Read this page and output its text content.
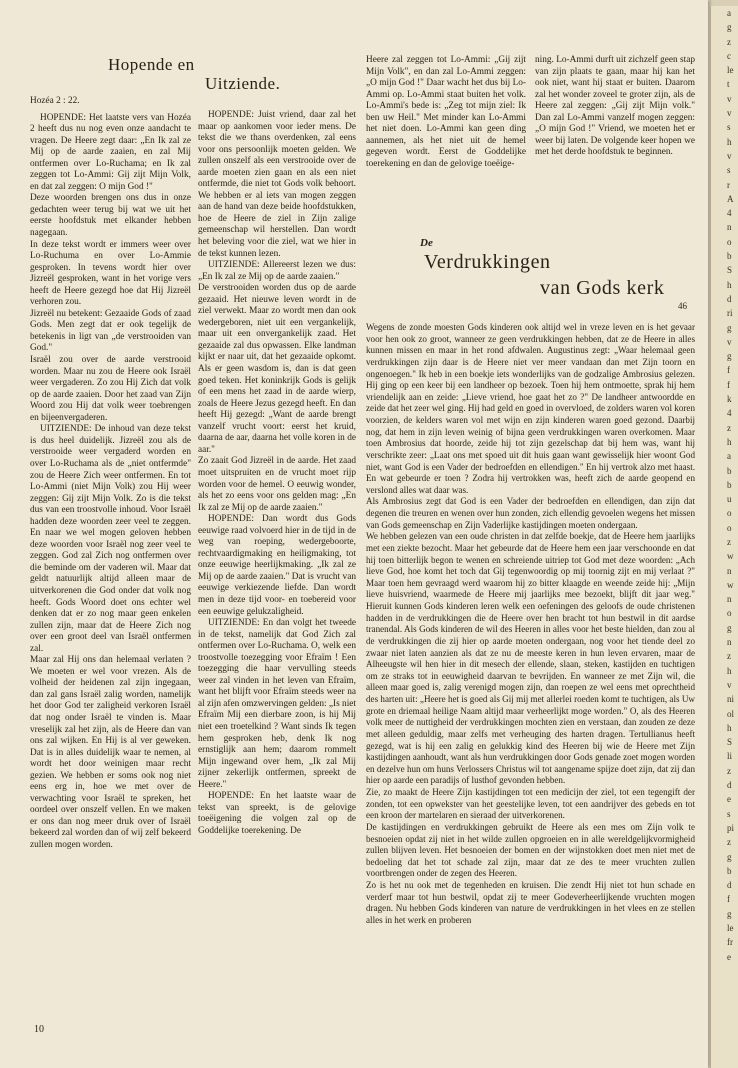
Hopende en
Uitziende.

Hozéa 2 : 22.

HOPENDE: Het laatste vers van Hozéa 2 heeft dus nu nog even onze aandacht te vragen. De Heere zegt daar: „En Ik zal ze Mij op de aarde zaaien, en zal Mij ontfermen over Lo-Ruchama; en Ik zal zeggen tot Lo-Ammi: Gij zijt Mijn Volk, en dat zal zeggen: O mijn God !"

Deze woorden brengen ons dus in onze gedachten weer terug bij wat we uit het eerste hoofdstuk met elkander hebben nagegaan.

In deze tekst wordt er immers weer over Lo-Ruchuma en over Lo-Ammie gesproken. In tevens wordt hier over Jizreël gesproken, want in het vorige vers heeft de Heere gezegd hoe dat Hij Jizreël verhoren zou.

Jizreël nu betekent: Gezaaide Gods of zaad Gods. Men zegt dat er ook tegelijk de betekenis in ligt van „de verstrooiden van God."

Israël zou over de aarde verstrooid worden. Maar nu zou de Heere ook Israël weer vergaderen. Zo zou Hij Zich dat volk op de aarde zaaien. Door het zaad van Zijn Woord zou Hij dat volk weer toebrengen en bijeenvergaderen.

UITZIENDE: De inhoud van deze tekst is dus heel duidelijk. Jizreël zou als de verstrooide weer vergaderd worden en over Lo-Ruchama als de „niet ontfermde" zou de Heere Zich weer ontfermen. En tot Lo-Ammi (niet Mijn Volk) zou Hij weer zeggen: Gij zijt Mijn Volk. Zo is die tekst dus van een troostvolle inhoud. Voor Israël hadden deze woorden zeer veel te zeggen. En naar we wel mogen geloven hebben deze woorden voor Israël nog zeer veel te zeggen. God zal Zich nog ontfermen over die beminde om der vaderen wil. Maar dat geldt natuurlijk altijd alleen maar de uitverkorenen die God onder dat volk nog heeft. Gods Woord doet ons echter wel denken dat er zo nog maar geen enkelen zullen zijn, maar dat de Heere Zich nog over een groot deel van Israël ontfermen zal.

Maar zal Hij ons dan helemaal verlaten ? We moeten er wel voor vrezen. Als de volheid der heidenen zal zijn ingegaan, dan zal gans Israël zalig worden, namelijk het door God ter zaligheid verkoren Israël dat nog onder Israël te vinden is. Maar vreselijk zal het zijn, als de Heere dan van ons zal wijken. En Hij is al ver geweken. Dat is in alles duidelijk waar te nemen, al wordt het door weinigen maar recht gezien. We hebben er soms ook nog niet eens erg in, hoe we met over de verwachting voor Israël te spreken, het oordeel over onszelf vellen. En we maken er ons dan nog meer druk over of Israël bekeerd zal worden dan of wij zelf bekeerd zullen mogen worden.

HOPENDE: Juist vriend, daar zal het maar op aankomen voor ieder mens. De tekst die we thans overdenken, zal eens voor ons persoonlijk moeten gelden. We zullen onszelf als een verstrooide over de aarde moeten zien gaan en als een niet ontfermde, die niet tot Gods volk behoort. We hebben er al iets van mogen zeggen aan de hand van deze beide hoofdstukken, hoe de Heere de ziel in Zijn zalige gemeenschap wil herstellen. Dan wordt het beleving voor die ziel, wat we hier in de tekst kunnen lezen.

UITZIENDE: Allereerst lezen we dus: „En Ik zal ze Mij op de aarde zaaien."

De verstrooiden worden dus op de aarde gezaaid. Het nieuwe leven wordt in de ziel verwekt. Maar zo wordt men dan ook wedergeboren, niet uit een vergankelijk, maar uit een onvergankelijk zaad. Het gezaaide zal dus opwassen. Elke landman kijkt er naar uit, dat het gezaaide opkomt. Als er geen wasdom is, dan is dat geen goed teken. Het koninkrijk Gods is gelijk of een mens het zaad in de aarde wierp, zoals de Heere Jezus gezegd heeft. En dan heeft Hij gezegd: „Want de aarde brengt vanzelf vrucht voort: eerst het kruid, daarna de aar, daarna het volle koren in de aar."

Zo zaait God Jizreël in de aarde. Het zaad moet uitspruiten en de vrucht moet rijp worden voor de hemel. O eeuwig wonder, als het zo eens voor ons gelden mag: „En Ik zal ze Mij op de aarde zaaien."

HOPENDE: Dan wordt dus Gods eeuwige raad volvoerd hier in de tijd in de weg van roeping, wedergeboorte, rechtvaardigmaking en heiligmaking, tot onze eeuwige heerlijkmaking. „Ik zal ze Mij op de aarde zaaien." Dat is vrucht van eeuwige verkiezende liefde. Dan wordt men in deze tijd voor- en toebereid voor een eeuwige gelukzaligheid.

UITZIENDE: En dan volgt het tweede in de tekst, namelijk dat God Zich zal ontfermen over Lo-Ruchama. O, welk een troostvolle toezegging voor Efraïm ! Een toezegging die haar vervulling steeds weer zal vinden in het leven van Efraïm, want het blijft voor Efraïm steeds weer na al zijn afen omzwervingen gelden: „Is niet Efraïm Mij een dierbare zoon, is hij Mij niet een troetelkind ? Want sinds Ik tegen hem gesproken heb, denk Ik nog ernstiglijk aan hem; daarom rommelt Mijn ingewand over hem, „Ik zal Mij zijner zekerlijk ontfermen, spreekt de Heere."

HOPENDE: En het laatste waar de tekst van spreekt, is de gelovige toeëigening die volgen zal op de Goddelijke toerekening. De

Heere zal zeggen tot Lo-Ammi: „Gij zijt Mijn Volk", en dan zal Lo-Ammi zeggen: „O mijn God !" Daar wacht het dus bij Lo-Ammi op. Lo-Ammi staat buiten het volk. Lo-Ammi's bede is: „Zeg tot mijn ziel: Ik ben uw Heil." Met minder kan Lo-Ammi het niet doen. Lo-Ammi kan geen ding aannemen, als het niet uit de hemel gegeven wordt. Eerst de Goddelijke toerekening en dan de gelovige toeëige-

ning. Lo-Ammi durft uit zichzelf geen stap van zijn plaats te gaan, maar hij kan het ook niet, want hij staat er buiten. Daarom zal het wonder zoveel te groter zijn, als de Heere zal zeggen: „Gij zijt Mijn volk." Dan zal Lo-Ammi vanzelf mogen zeggen: „O mijn God !" Vriend, we moeten het er weer bij laten. De volgende keer hopen we met het derde hoofdstuk te beginnen.

De
Verdrukkingen
van Gods kerk
46

Wegens de zonde moesten Gods kinderen ook altijd wel in vreze leven en is het gevaar voor hen ook zo groot, wanneer ze geen verdrukkingen hebben, dat ze de Heere in alles kunnen missen en maar in het rond afdwalen. Augustinus zegt: „Waar helemaal geen verdrukkingen zijn daar is de Heere niet ver meer vandaan dan met Zijn toorn en ongenoegen." Ik heb in een boekje iets wonderlijks van de godzalige Ambrosius gelezen. Hij ging op een keer bij een landheer op bezoek. Toen hij hem ontmoette, sprak hij hem vriendelijk aan en zeide: „Lieve vriend, hoe gaat het zo ?" De landheer antwoordde en zeide dat het zeer wel ging. Hij had geld en goed in overvloed, de zolders waren vol koren voorzien, de kelders waren vol met wijn en zijn kinderen waren goed gezond. Daarbij nog, dat hem in zijn leven weinig of bijna geen verdrukkingen waren overkomen. Maar toen Ambrosius dat hoorde, zeide hij tot zijn gezelschap dat bij hem was, want hij verschrikte zeer: „Laat ons met spoed uit dit huis gaan want gewisselijk hier woont God niet, want God is een Vader der bedroefden en ellendigen." En hij vertrok alzo met haast. En wat gebeurde er toen ? Zodra hij vertrokken was, heeft zich de aarde geopend en verslond alles wat daar was.

Als Ambrosius zegt dat God is een Vader der bedroefden en ellendigen, dan zijn dat degenen die treuren en wenen over hun zonden, zich ellendig gevoelen wegens het missen van Gods gemeenschap en Zijn Vaderlijke kastijdingen moeten ondergaan.

We hebben gelezen van een oude christen in dat zelfde boekje, dat de Heere hem jaarlijks met een ziekte bezocht. Maar het gebeurde dat de Heere hem een jaar verschoonde en dat hij toen bitterlijk begon te wenen en schreiende uitriep tot God met deze woorden: „Ach lieve God, hoe komt het toch dat Gij tegenwoordig op mij toornig zijt en mij verlaat ?" Maar toen hem gevraagd werd waarom hij zo bitter klaagde en weende zeide hij: „Mijn lieve huisvriend, waarmede de Heere mij jaarlijks mee bezoekt, blijft dit jaar weg." Hieruit kunnen Gods kinderen leren welk een oefeningen des geloofs de oude christenen hadden in de verdrukkingen die de Heere over hen bracht tot hun bestwil in dit aardse tranendal. Als Gods kinderen de wil des Heeren in alles voor het beste hielden, dan zou al de verdrukkingen die zij hier op aarde moeten ondergaan, nog voor het tiende deel zo zwaar niet laten aanzien als dat ze nu de meeste keren in hun leven ervaren, maar de Alheeugste wil hen hier in dit mesech der ellende, slaan, steken, kastijden en tuchtigen om ze straks tot in eeuwigheid daarvan te bevrijden. En wanneer ze met Zijn wil, die alleen maar goed is, zalig verenigd mogen zijn, dan roepen ze wel eens met oprechtheid des harten uit: „Heere het is goed als Gij mij met allerlei roeden komt te tuchtigen, als Uw grote en driemaal heilige Naam altijd maar verheerlijkt moge worden." O, als des Heeren volk meer de nuttigheid der verdrukkingen mochten zien en verstaan, dan zouden ze deze met alleen geduldig, maar zelfs met verheuging des harten dragen. Tertullianus heeft gezegd, wat is hij een zalig en gelukkig kind des Heeren bij wie de Heere met Zijn kastijdingen aanhoudt, want als hun verdrukkingen door Gods genade zoet mogen worden en dezelve hun om huns Verlossers Christus wil tot aangename spijze doet zijn, dat zij dan hier op aarde een paradijs of lusthof gevonden hebben.

Zie, zo maakt de Heere Zijn kastijdingen tot een medicijn der ziel, tot een tegengift der zonden, tot een opwekster van het geestelijke leven, tot een aandrijver des gebeds en tot een kroon der martelaren en sieraad der uitverkorenen.

De kastijdingen en verdrukkingen gebruikt de Heere als een mes om Zijn volk te besnoeien opdat zij niet in het wilde zullen opgroeien en in alle wereldgelijkvormigheid zullen blijven leven. Het besnoeien der bomen en der wijnstokken doet men niet met de bedoeling dat het tot schade zal zijn, maar dat ze des te meer vruchten zullen voortbrengen onder de zegen des Heeren.

Zo is het nu ook met de tegenheden en kruisen. Die zendt Hij niet tot hun schade en verderf maar tot hun bestwil, opdat zij te meer Godeverheerlijkende vruchten mogen dragen. Nu hebben Gods kinderen van nature de verdrukkingen in het vlees en ze stellen alles in het werk en proberen

10
a
g
z
c
le
t
v
v
s
h
v
s
r
A
4
n
o
b
S
h
d
ri
g
v
g
f
f
k
4
z
h
a
b
b
u
o
o
z
w
n
w
n
o
g
n
z
h
v
ni
ol
h
S
li
z
d
e
s
pi
z
g
b
d
f
g
le
fr
e
